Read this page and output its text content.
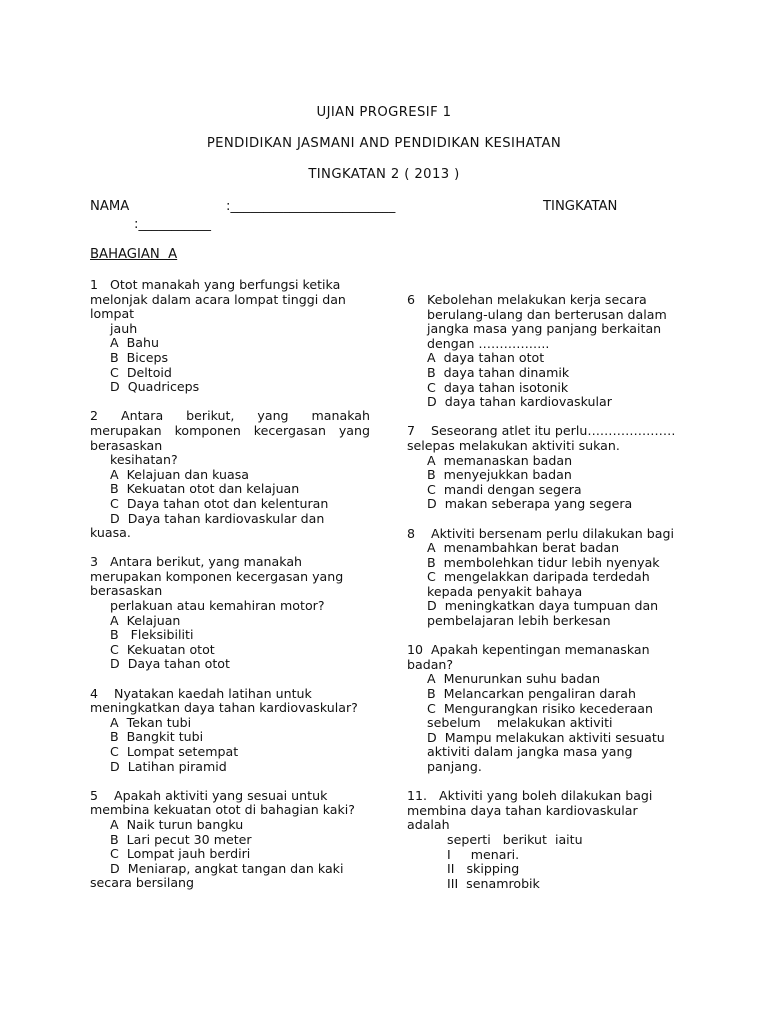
UJIAN PROGRESIF 1
PENDIDIKAN JASMANI AND PENDIDIKAN KESIHATAN
TINGKATAN 2 ( 2013 )
NAMA	:_________________________	TINGKATAN
:___________
BAHAGIAN  A
1   Otot manakah yang berfungsi ketika
melonjak dalam acara lompat tinggi dan
lompat
jauh
A  Bahu
B  Biceps
C  Deltoid
D  Quadriceps
2 Antara berikut, yang manakah
merupakan komponen kecergasan yang
berasaskan
kesihatan?
A  Kelajuan dan kuasa
B  Kekuatan otot dan kelajuan
C  Daya tahan otot dan kelenturan
D  Daya tahan kardiovaskular dan
kuasa.
3   Antara berikut, yang manakah
merupakan komponen kecergasan yang
berasaskan
perlakuan atau kemahiran motor?
A  Kelajuan
B   Fleksibiliti
C  Kekuatan otot
D  Daya tahan otot
4    Nyatakan kaedah latihan untuk
meningkatkan daya tahan kardiovaskular?
A  Tekan tubi
B  Bangkit tubi
C  Lompat setempat
D  Latihan piramid
5    Apakah aktiviti yang sesuai untuk
membina kekuatan otot di bahagian kaki?
A  Naik turun bangku
B  Lari pecut 30 meter
C  Lompat jauh berdiri
D  Meniarap, angkat tangan dan kaki
secara bersilang
6   Kebolehan melakukan kerja secara
berulang-ulang dan berterusan dalam
jangka masa yang panjang berkaitan
dengan ……………..
A  daya tahan otot
B  daya tahan dinamik
C  daya tahan isotonik
D  daya tahan kardiovaskular
7    Seseorang atlet itu perlu…………………
selepas melakukan aktiviti sukan.
A  memanaskan badan
B  menyejukkan badan
C  mandi dengan segera
D  makan seberapa yang segera
8    Aktiviti bersenam perlu dilakukan bagi
A  menambahkan berat badan
B  membolehkan tidur lebih nyenyak
C  mengelakkan daripada terdedah
kepada penyakit bahaya
D  meningkatkan daya tumpuan dan
pembelajaran lebih berkesan
10  Apakah kepentingan memanaskan
badan?
A  Menurunkan suhu badan
B  Melancarkan pengaliran darah
C  Mengurangkan risiko kecederaan
sebelum    melakukan aktiviti
D  Mampu melakukan aktiviti sesuatu
aktiviti dalam jangka masa yang
panjang.
11.   Aktiviti yang boleh dilakukan bagi
membina daya tahan kardiovaskular
adalah
seperti   berikut  iaitu
I     menari.
II   skipping
III  senamrobik
